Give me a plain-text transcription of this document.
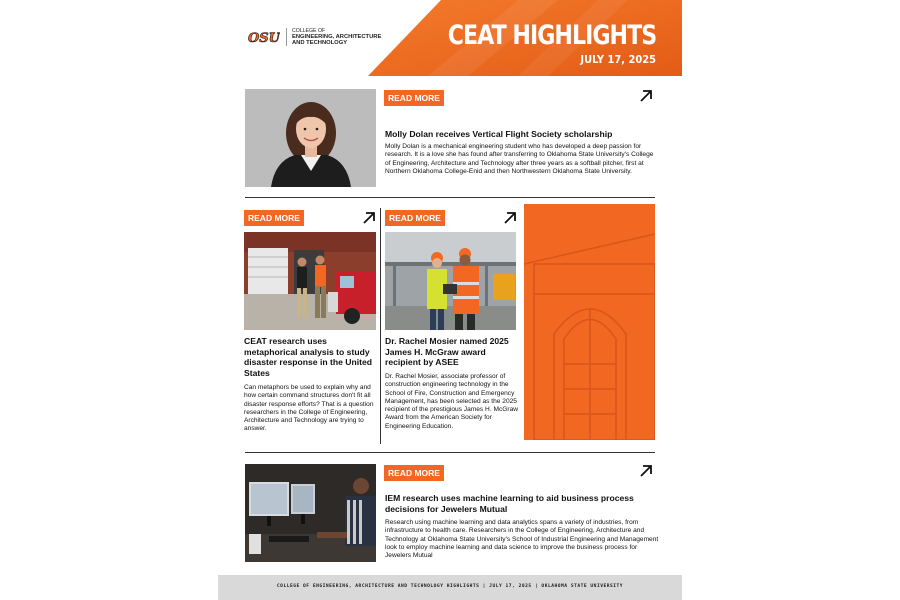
OSU COLLEGE OF
ENGINEERING, ARCHITECTURE
AND TECHNOLOGY	CEAT HIGHLIGHTS
JULY 17, 2025
READ MORE
Molly Dolan receives Vertical Flight Society scholarship
Molly Dolan is a mechanical engineering student who has developed a deep passion for research. It is a love she has found after transferring to Oklahoma State University's College of Engineering, Architecture and Technology after three years as a softball pitcher, first at Northern Oklahoma College-Enid and then Northwestern Oklahoma State University.
READ MORE
CEAT research uses metaphorical analysis to study disaster response in the United States
Can metaphors be used to explain why and how certain command structures don't fit all disaster response efforts? That is a question researchers in the College of Engineering, Architecture and Technology are trying to answer.
READ MORE
Dr. Rachel Mosier named 2025 James H. McGraw award recipient by ASEE
Dr. Rachel Mosier, associate professor of construction engineering technology in the School of Fire, Construction and Emergency Management, has been selected as the 2025 recipient of the prestigious James H. McGraw Award from the American Society for Engineering Education.
READ MORE
IEM research uses machine learning to aid business process decisions for Jewelers Mutual
Research using machine learning and data analytics spans a variety of industries, from infrastructure to health care. Researchers in the College of Engineering, Architecture and Technology at Oklahoma State University's School of Industrial Engineering and Management look to employ machine learning and data science to improve the business process for Jewelers Mutual
COLLEGE OF ENGINEERING, ARCHITECTURE AND TECHNOLOGY HIGHLIGHTS | JULY 17, 2025 | OKLAHOMA STATE UNIVERSITY
